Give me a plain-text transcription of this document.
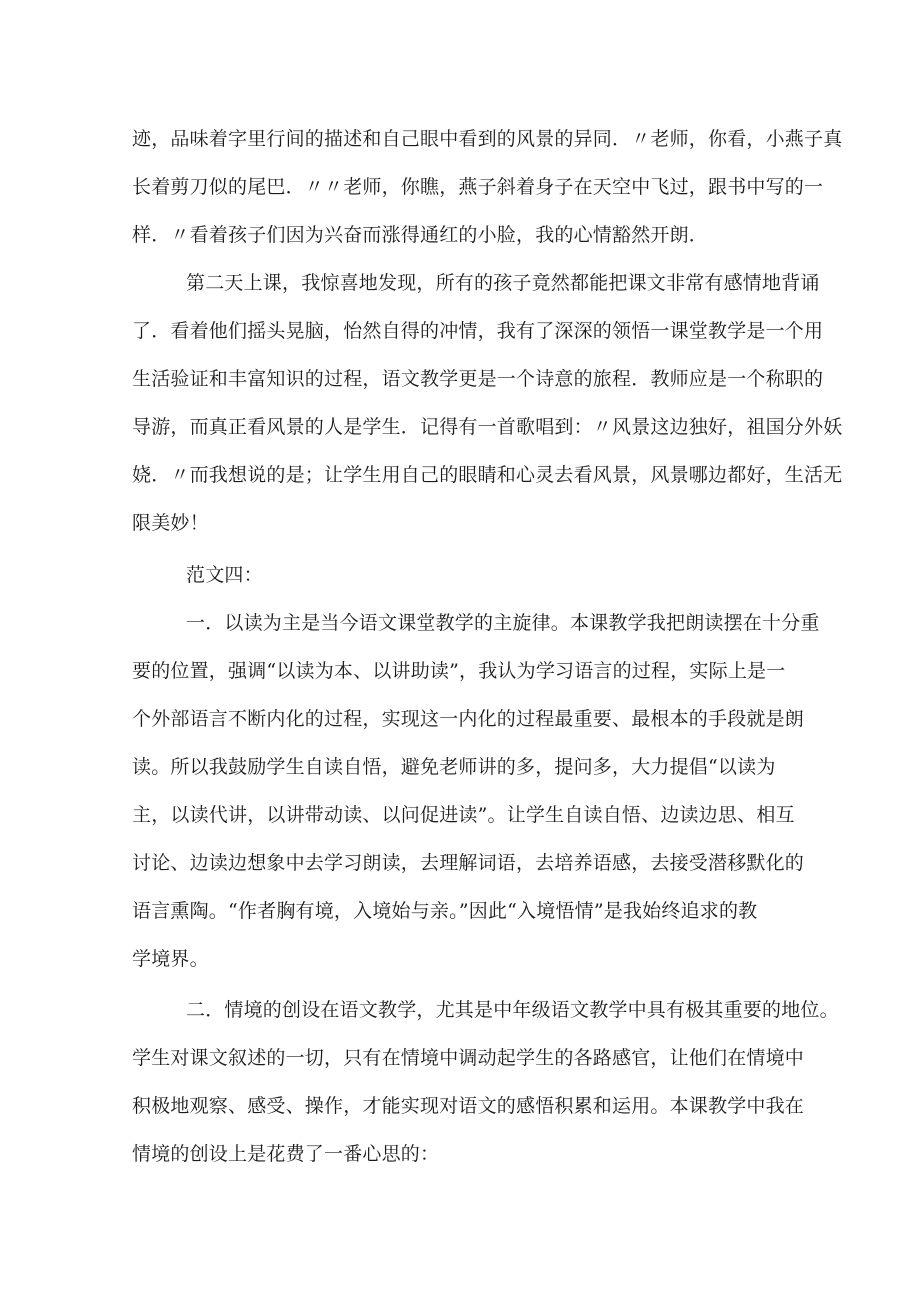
迹，品味着字里行间的描述和自己眼中看到的风景的异同．〃老师，你看，小燕子真
长着剪刀似的尾巴．〃〃老师，你瞧，燕子斜着身子在天空中飞过，跟书中写的一
样．〃看着孩子们因为兴奋而涨得通红的小脸，我的心情豁然开朗．
第二天上课，我惊喜地发现，所有的孩子竟然都能把课文非常有感情地背诵
了．看着他们摇头晃脑，怡然自得的冲情，我有了深深的领悟一课堂教学是一个用
生活验证和丰富知识的过程，语文教学更是一个诗意的旅程．教师应是一个称职的
导游，而真正看风景的人是学生．记得有一首歌唱到：〃风景这边独好，祖国分外妖
娆．〃而我想说的是；让学生用自己的眼睛和心灵去看风景，风景哪边都好，生活无
限美妙！
范文四：
一．以读为主是当今语文课堂教学的主旋律。本课教学我把朗读摆在十分重
要的位置，强调“以读为本、以讲助读”，我认为学习语言的过程，实际上是一
个外部语言不断内化的过程，实现这一内化的过程最重要、最根本的手段就是朗
读。所以我鼓励学生自读自悟，避免老师讲的多，提问多，大力提倡“以读为
主，以读代讲，以讲带动读、以问促进读”。让学生自读自悟、边读边思、相互
讨论、边读边想象中去学习朗读，去理解词语，去培养语感，去接受潜移默化的
语言熏陶。“作者胸有境，入境始与亲。”因此“入境悟情”是我始终追求的教
学境界。
二．情境的创设在语文教学，尤其是中年级语文教学中具有极其重要的地位。
学生对课文叙述的一切，只有在情境中调动起学生的各路感官，让他们在情境中
积极地观察、感受、操作，才能实现对语文的感悟积累和运用。本课教学中我在
情境的创设上是花费了一番心思的：
